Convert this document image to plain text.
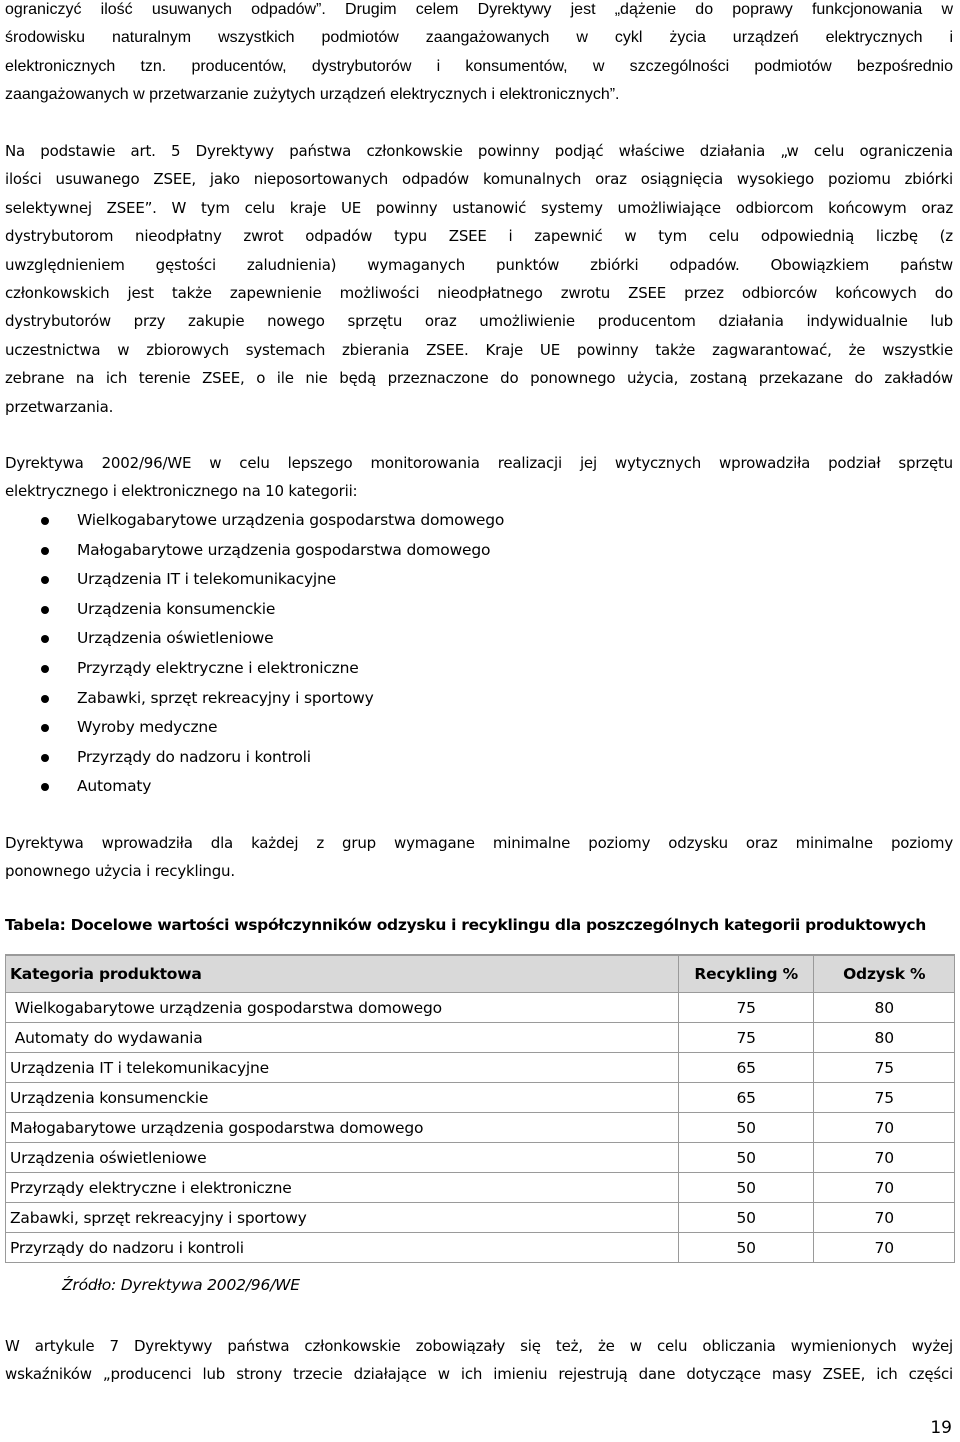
ograniczyć ilość usuwanych odpadów”. Drugim celem Dyrektywy jest „dążenie do poprawy funkcjonowania w
środowisku naturalnym wszystkich podmiotów zaangażowanych w cykl życia urządzeń elektrycznych i
elektronicznych tzn. producentów, dystrybutorów i konsumentów, w szczególności podmiotów bezpośrednio
zaangażowanych w przetwarzanie zużytych urządzeń elektrycznych i elektronicznych”.
Na podstawie art. 5 Dyrektywy państwa członkowskie powinny podjąć właściwe działania „w celu ograniczenia
ilości usuwanego ZSEE, jako nieposortowanych odpadów komunalnych oraz osiągnięcia wysokiego poziomu zbiórki
selektywnej ZSEE”. W tym celu kraje UE powinny ustanowić systemy umożliwiające odbiorcom końcowym oraz
dystrybutorom nieodpłatny zwrot odpadów typu ZSEE i zapewnić w tym celu odpowiednią liczbę (z
uwzględnieniem gęstości zaludnienia) wymaganych punktów zbiórki odpadów. Obowiązkiem państw
członkowskich jest także zapewnienie możliwości nieodpłatnego zwrotu ZSEE przez odbiorców końcowych do
dystrybutorów przy zakupie nowego sprzętu oraz umożliwienie producentom działania indywidualnie lub
uczestnictwa w zbiorowych systemach zbierania ZSEE. Kraje UE powinny także zagwarantować, że wszystkie
zebrane na ich terenie ZSEE, o ile nie będą przeznaczone do ponownego użycia, zostaną przekazane do zakładów
przetwarzania.
Dyrektywa 2002/96/WE w celu lepszego monitorowania realizacji jej wytycznych wprowadziła podział sprzętu
elektrycznego i elektronicznego na 10 kategorii:
Wielkogabarytowe urządzenia gospodarstwa domowego
Małogabarytowe urządzenia gospodarstwa domowego
Urządzenia IT i telekomunikacyjne
Urządzenia konsumenckie
Urządzenia oświetleniowe
Przyrządy elektryczne i elektroniczne
Zabawki, sprzęt rekreacyjny i sportowy
Wyroby medyczne
Przyrządy do nadzoru i kontroli
Automaty
Dyrektywa wprowadziła dla każdej z grup wymagane minimalne poziomy odzysku oraz minimalne poziomy
ponownego użycia i recyklingu.
Tabela: Docelowe wartości współczynników odzysku i recyklingu dla poszczególnych kategorii produktowych
Kategoria produktowa	Recykling %	Odzysk %
Wielkogabarytowe urządzenia gospodarstwa domowego	75	80
Automaty do wydawania	75	80
Urządzenia IT i telekomunikacyjne	65	75
Urządzenia konsumenckie	65	75
Małogabarytowe urządzenia gospodarstwa domowego	50	70
Urządzenia oświetleniowe	50	70
Przyrządy elektryczne i elektroniczne	50	70
Zabawki, sprzęt rekreacyjny i sportowy	50	70
Przyrządy do nadzoru i kontroli	50	70
Źródło: Dyrektywa 2002/96/WE
W artykule 7 Dyrektywy państwa członkowskie zobowiązały się też, że w celu obliczania wymienionych wyżej
wskaźników „producenci lub strony trzecie działające w ich imieniu rejestrują dane dotyczące masy ZSEE, ich części
19
